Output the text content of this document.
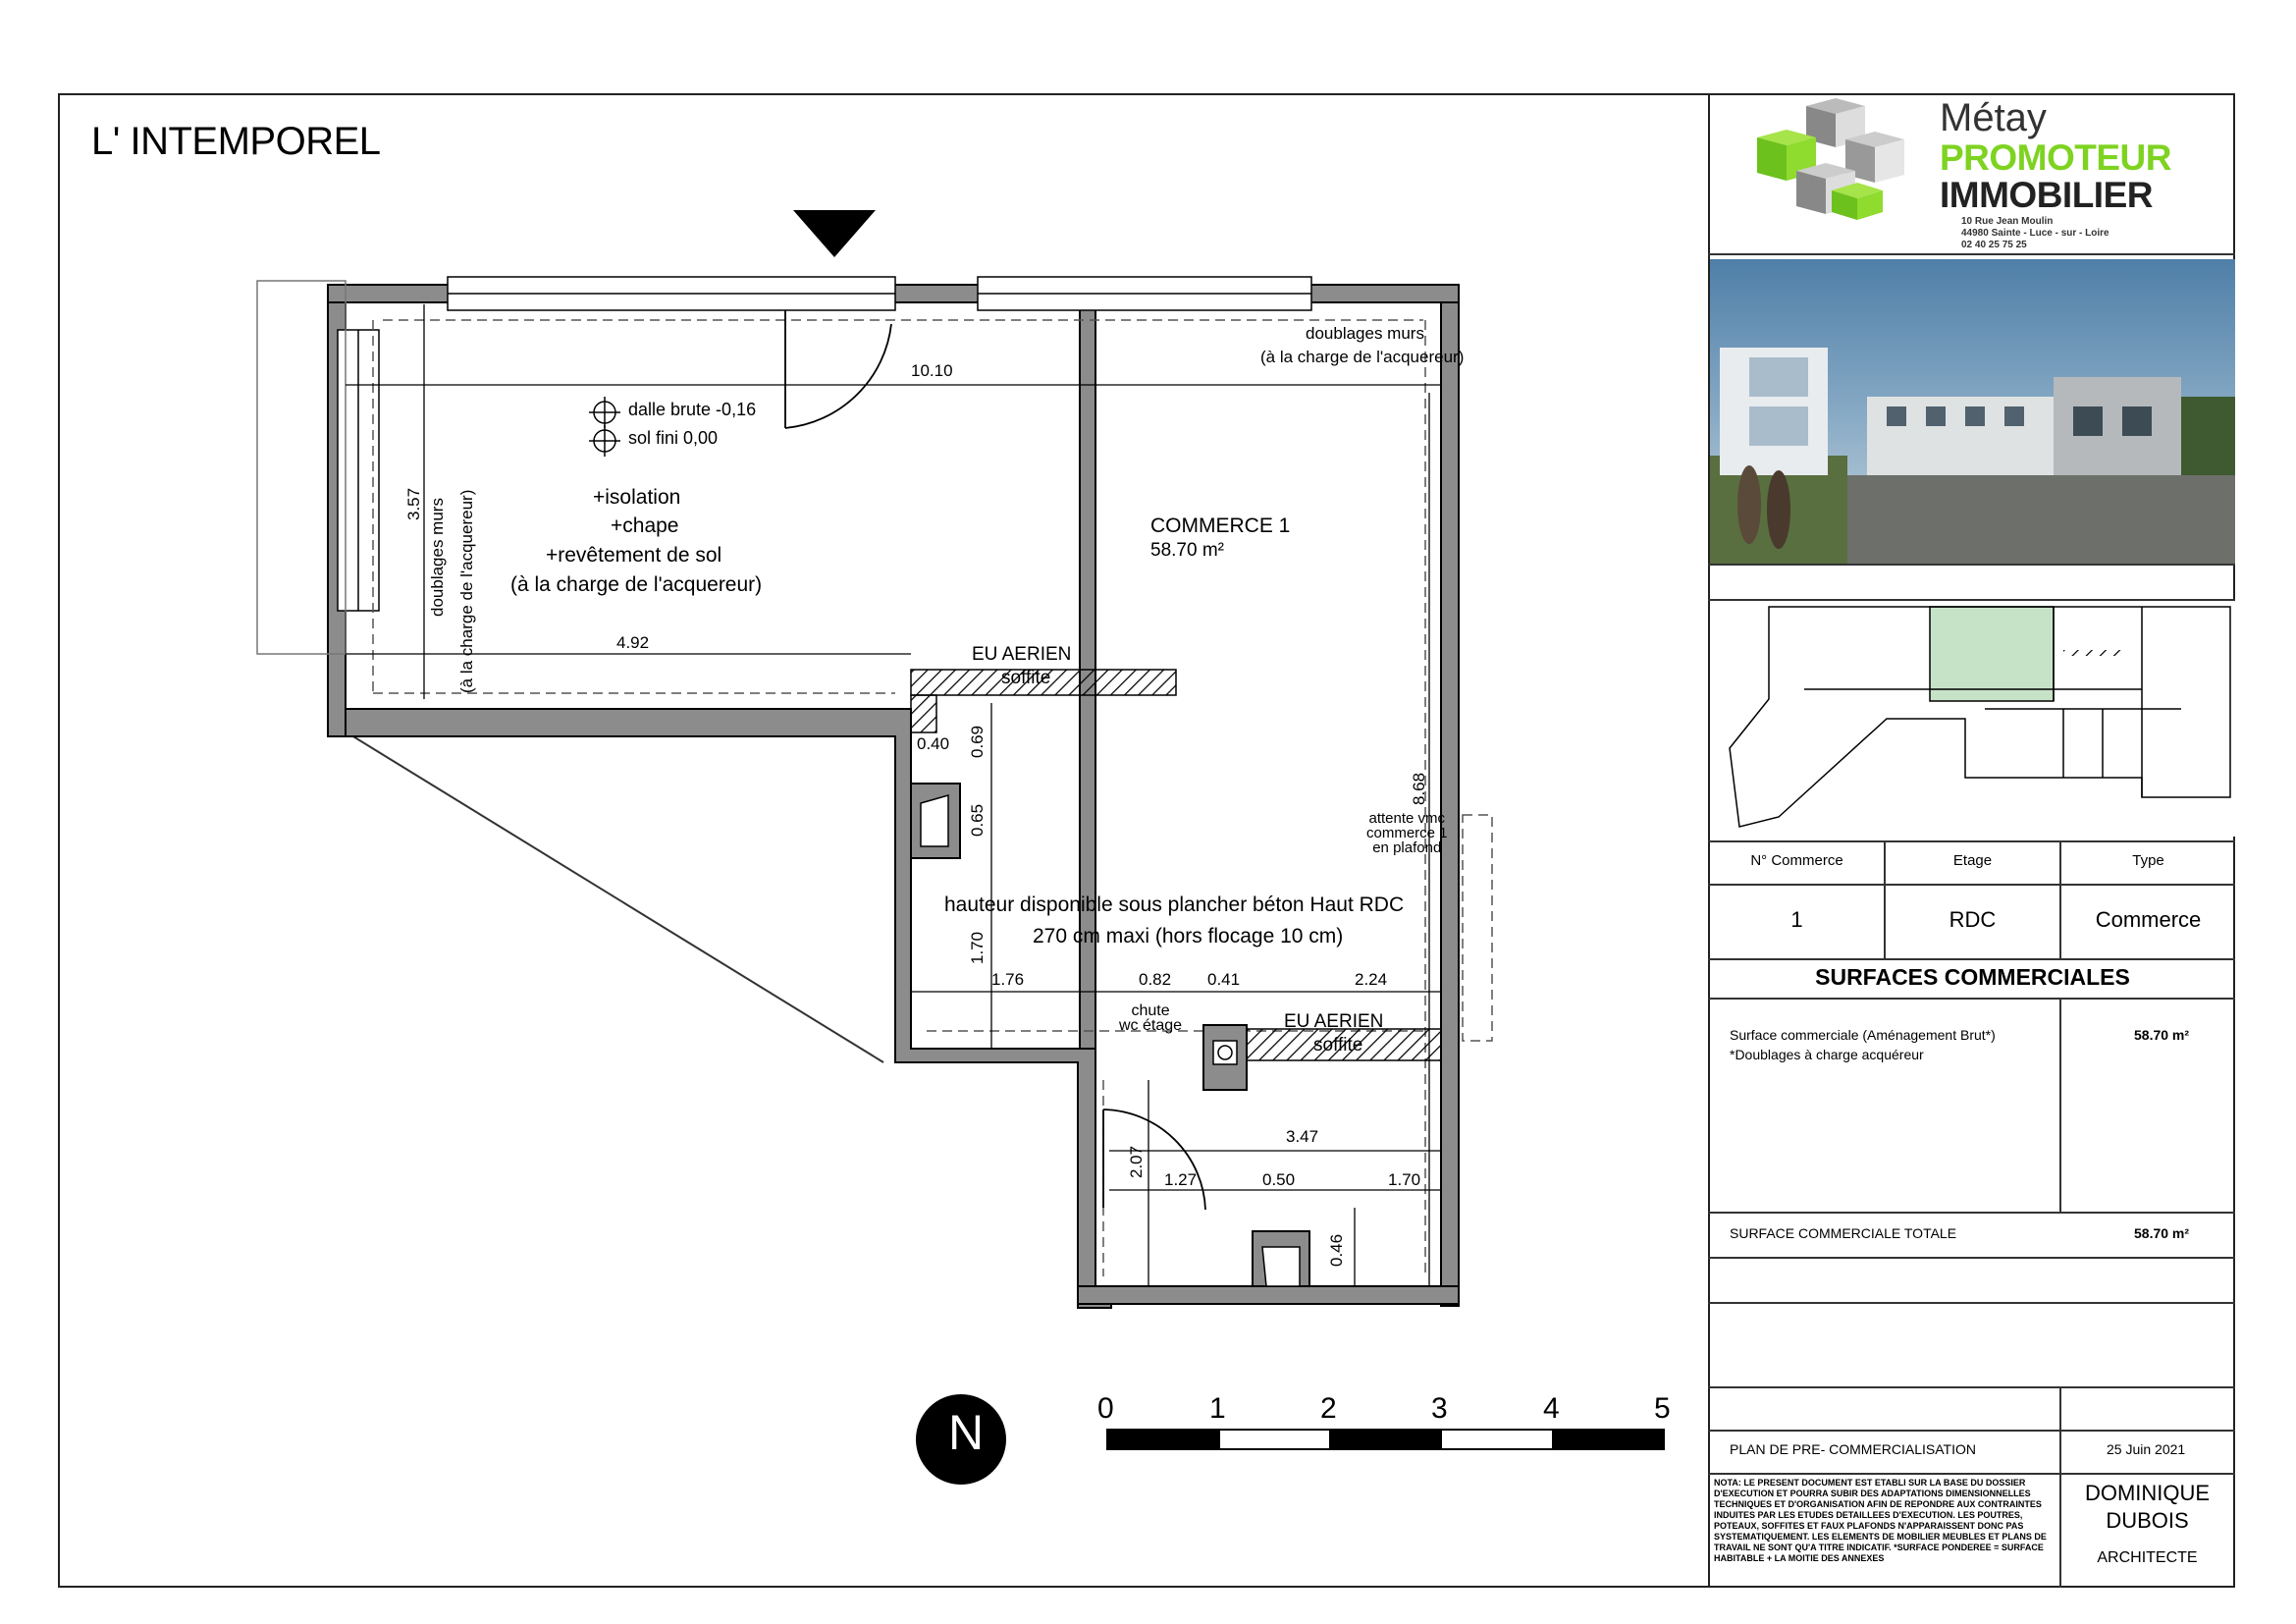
L' INTEMPOREL
dalle brute -0,16
sol fini 0,00
+isolation
+chape
+revêtement de sol
(à la charge de l'acquereur)
COMMERCE 1
58.70 m²
doublages murs
(à la charge de l'acquereur)
doublages murs (à la charge de l'acquereur)	EU AERIEN
soffite
EU AERIEN
soffite
attente vmc
commerce 1
en plafond
chute
wc étage
hauteur disponible sous plancher béton Haut RDC
270 cm maxi (hors flocage 10 cm)
10.10
3.57
4.92
0.40 0.69
0.65
8.68
1.70
1.76	0.82 0.41	2.24
3.47
2.07
1.27	0.50	1.70
0.46
N	0	1	2	3	4	5
Métay
PROMOTEUR
IMMOBILIER
10 Rue Jean Moulin
44980 Sainte - Luce - sur - Loire
02 40 25 75 25
N° Commerce	Etage	Type
1	RDC	Commerce
SURFACES COMMERCIALES
Surface commerciale (Aménagement Brut*)
*Doublages à charge acquéreur
58.70 m²
SURFACE COMMERCIALE TOTALE	58.70 m²
PLAN DE PRE- COMMERCIALISATION	25 Juin 2021
NOTA: LE PRESENT DOCUMENT EST ETABLI SUR LA BASE DU DOSSIER D'EXECUTION ET POURRA SUBIR DES ADAPTATIONS DIMENSIONNELLES TECHNIQUES ET D'ORGANISATION AFIN DE REPONDRE AUX CONTRAINTES INDUITES PAR LES ETUDES DETAILLEES D'EXECUTION. LES POUTRES, POTEAUX, SOFFITES ET FAUX PLAFONDS N'APPARAISSENT DONC PAS SYSTEMATIQUEMENT. LES ELEMENTS DE MOBILIER MEUBLES ET PLANS DE TRAVAIL NE SONT QU'A TITRE INDICATIF. *SURFACE PONDEREE = SURFACE HABITABLE + LA MOITIE DES ANNEXES
DOMINIQUE
DUBOIS
ARCHITECTE
